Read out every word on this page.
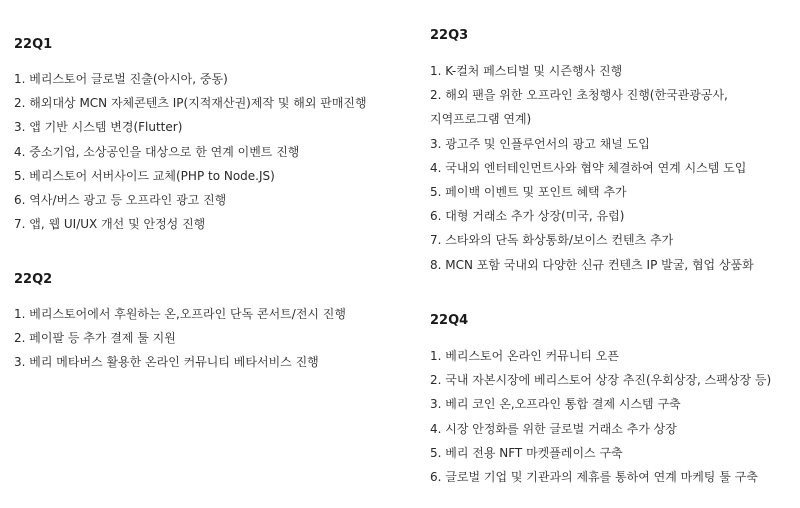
22Q1
1. 베리스토어 글로벌 진출(아시아, 중동)
2. 해외대상 MCN 자체콘텐츠 IP(지적재산권)제작 및 해외 판매진행
3. 앱 기반 시스템 변경(Flutter)
4. 중소기업, 소상공인을 대상으로 한 연계 이벤트 진행
5. 베리스토어 서버사이드 교체(PHP to Node.JS)
6. 역사/버스 광고 등 오프라인 광고 진행
7. 앱, 웹 UI/UX 개선 및 안정성 진행
22Q2
1. 베리스토어에서 후원하는 온,오프라인 단독 콘서트/전시 진행
2. 페이팔 등 추가 결제 툴 지원
3. 베리 메타버스 활용한 온라인 커뮤니티 베타서비스 진행
22Q3
1. K-컬처 페스티벌 및 시즌행사 진행
2. 해외 팬을 위한 오프라인 초청행사 진행(한국관광공사,
지역프로그램 연계)
3. 광고주 및 인플루언서의 광고 채널 도입
4. 국내외 엔터테인먼트사와 협약 체결하여 연계 시스템 도입
5. 페이백 이벤트 및 포인트 혜택 추가
6. 대형 거래소 추가 상장(미국, 유럽)
7. 스타와의 단독 화상통화/보이스 컨텐츠 추가
8. MCN 포함 국내외 다양한 신규 컨텐츠 IP 발굴, 협업 상품화
22Q4
1. 베리스토어 온라인 커뮤니티 오픈
2. 국내 자본시장에 베리스토어 상장 추진(우회상장, 스팩상장 등)
3. 베리 코인 온,오프라인 통합 결제 시스템 구축
4. 시장 안정화를 위한 글로벌 거래소 추가 상장
5. 베리 전용 NFT 마켓플레이스 구축
6. 글로벌 기업 및 기관과의 제휴를 통하여 연계 마케팅 툴 구축
